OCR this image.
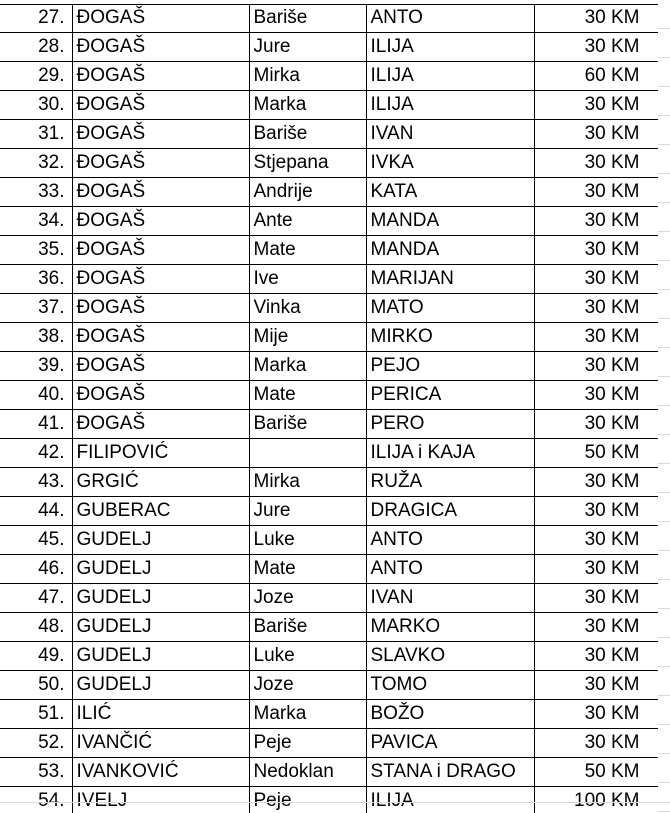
27.	ĐOGAŠ	Bariše	ANTO	30 KM
28.	ĐOGAŠ	Jure	ILIJA	30 KM
29.	ĐOGAŠ	Mirka	ILIJA	60 KM
30.	ĐOGAŠ	Marka	ILIJA	30 KM
31.	ĐOGAŠ	Bariše	IVAN	30 KM
32.	ĐOGAŠ	Stjepana	IVKA	30 KM
33.	ĐOGAŠ	Andrije	KATA	30 KM
34.	ĐOGAŠ	Ante	MANDA	30 KM
35.	ĐOGAŠ	Mate	MANDA	30 KM
36.	ĐOGAŠ	Ive	MARIJAN	30 KM
37.	ĐOGAŠ	Vinka	MATO	30 KM
38.	ĐOGAŠ	Mije	MIRKO	30 KM
39.	ĐOGAŠ	Marka	PEJO	30 KM
40.	ĐOGAŠ	Mate	PERICA	30 KM
41.	ĐOGAŠ	Bariše	PERO	30 KM
42.	FILIPOVIĆ		ILIJA i KAJA	50 KM
43.	GRGIĆ	Mirka	RUŽA	30 KM
44.	GUBERAC	Jure	DRAGICA	30 KM
45.	GUDELJ	Luke	ANTO	30 KM
46.	GUDELJ	Mate	ANTO	30 KM
47.	GUDELJ	Joze	IVAN	30 KM
48.	GUDELJ	Bariše	MARKO	30 KM
49.	GUDELJ	Luke	SLAVKO	30 KM
50.	GUDELJ	Joze	TOMO	30 KM
51.	ILIĆ	Marka	BOŽO	30 KM
52.	IVANČIĆ	Peje	PAVICA	30 KM
53.	IVANKOVIĆ	Nedoklan	STANA i DRAGO	50 KM
54.	IVELJ	Peje	ILIJA	100 KM
